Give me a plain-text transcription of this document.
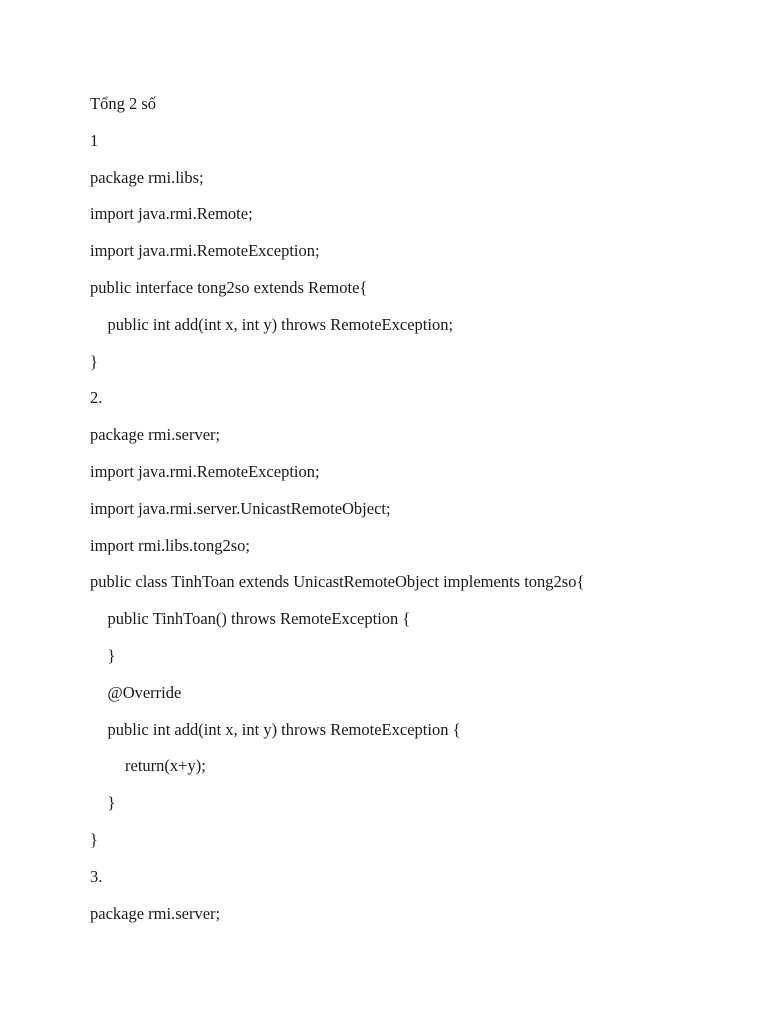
Tổng 2 số

1

package rmi.libs;

import java.rmi.Remote;

import java.rmi.RemoteException;

public interface tong2so extends Remote{

public int add(int x, int y) throws RemoteException;

}

2.

package rmi.server;

import java.rmi.RemoteException;

import java.rmi.server.UnicastRemoteObject;

import rmi.libs.tong2so;

public class TinhToan extends UnicastRemoteObject implements tong2so{

public TinhToan() throws RemoteException {

}

@Override

public int add(int x, int y) throws RemoteException {

return(x+y);

}

}

3.

package rmi.server;
